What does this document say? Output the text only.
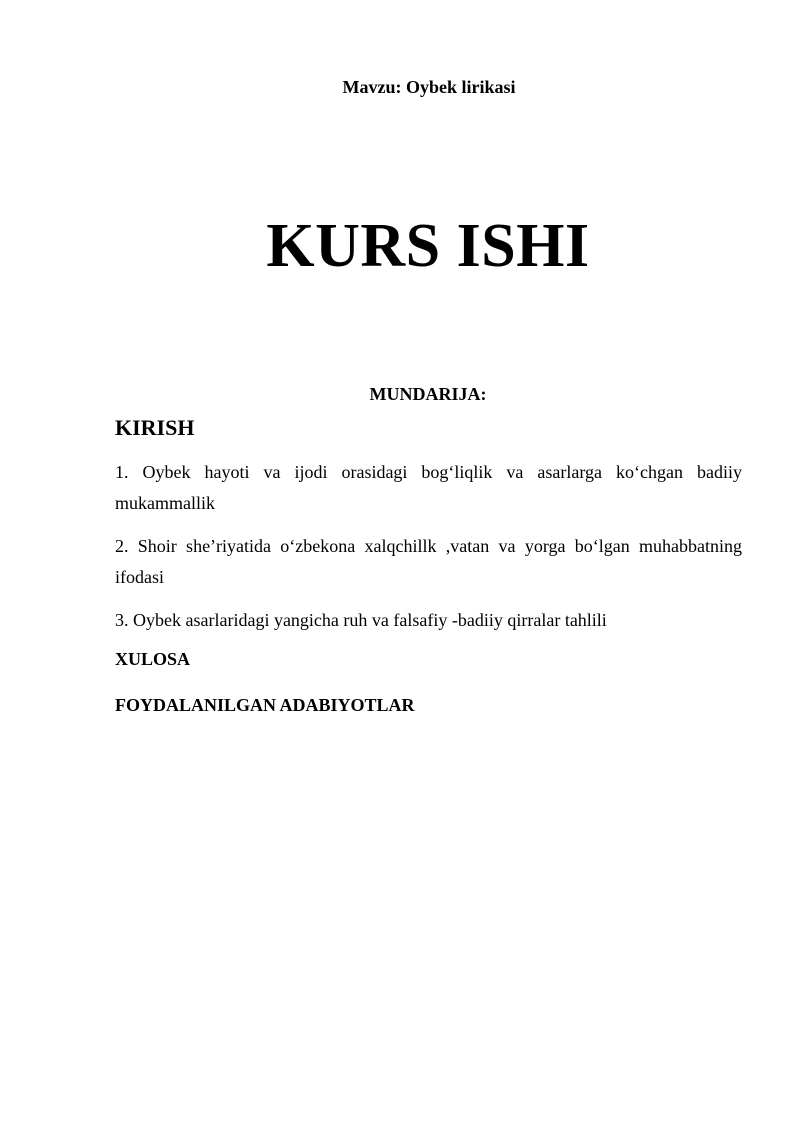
Mavzu: Oybek lirikasi
KURS ISHI
MUNDARIJA:
KIRISH
1. Oybek hayoti va ijodi orasidagi bog‘liqlik va asarlarga ko‘chgan badiiy mukammallik
2. Shoir she’riyatida o‘zbekona xalqchillk ,vatan va yorga bo‘lgan muhabbatning ifodasi
3. Oybek asarlaridagi yangicha ruh va falsafiy -badiiy qirralar tahlili
XULOSA
FOYDALANILGAN ADABIYOTLAR
